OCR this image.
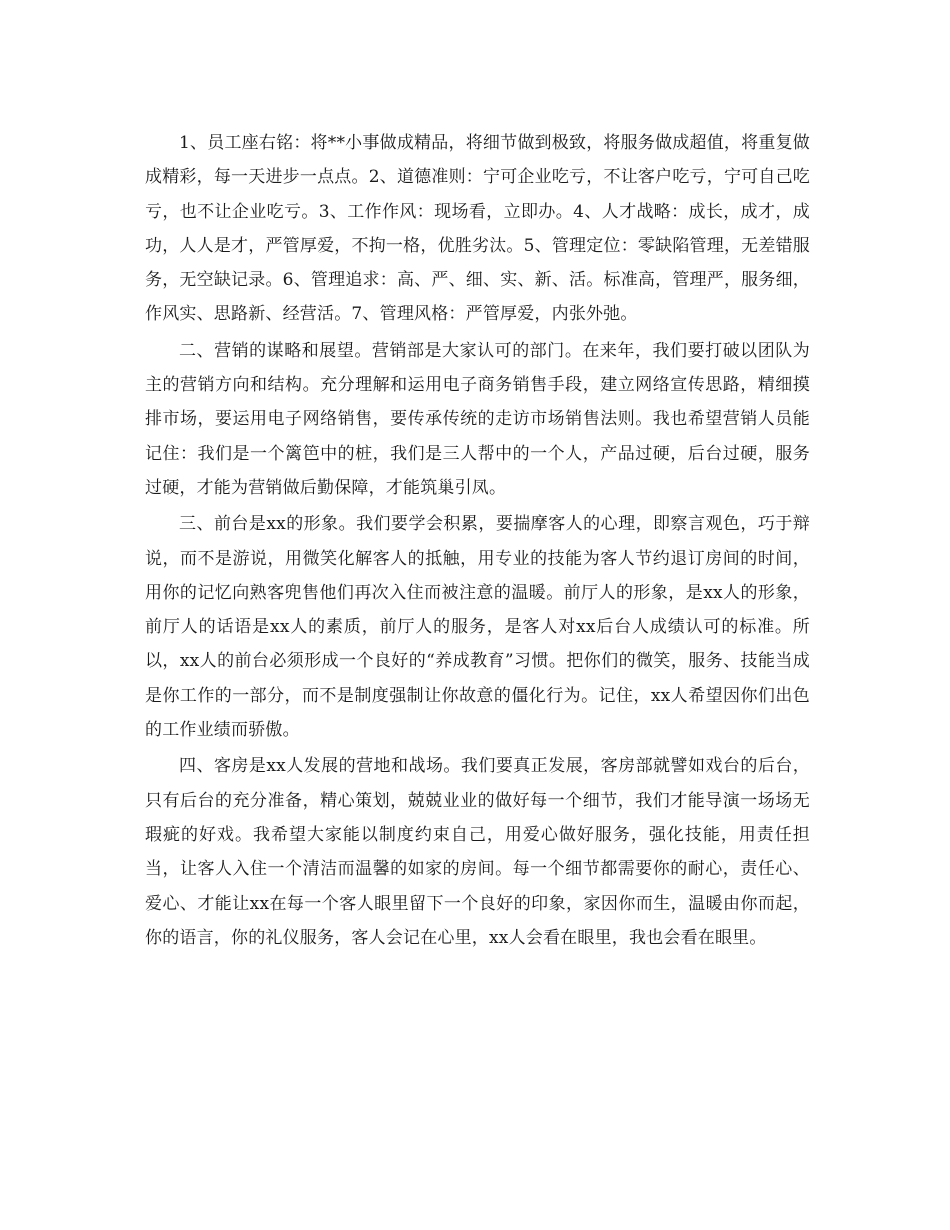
1、员工座右铭：将**小事做成精品，将细节做到极致，将服务做成超值，将重复做成精彩，每一天进步一点点。2、道德准则：宁可企业吃亏，不让客户吃亏，宁可自己吃亏，也不让企业吃亏。3、工作作风：现场看，立即办。4、人才战略：成长，成才，成功，人人是才，严管厚爱，不拘一格，优胜劣汰。5、管理定位：零缺陷管理，无差错服务，无空缺记录。6、管理追求：高、严、细、实、新、活。标准高，管理严，服务细，作风实、思路新、经营活。7、管理风格：严管厚爱，内张外弛。

二、营销的谋略和展望。营销部是大家认可的部门。在来年，我们要打破以团队为主的营销方向和结构。充分理解和运用电子商务销售手段，建立网络宣传思路，精细摸排市场，要运用电子网络销售，要传承传统的走访市场销售法则。我也希望营销人员能记住：我们是一个篱笆中的桩，我们是三人帮中的一个人，产品过硬，后台过硬，服务过硬，才能为营销做后勤保障，才能筑巢引凤。

三、前台是xx的形象。我们要学会积累，要揣摩客人的心理，即察言观色，巧于辩说，而不是游说，用微笑化解客人的抵触，用专业的技能为客人节约退订房间的时间，用你的记忆向熟客兜售他们再次入住而被注意的温暖。前厅人的形象，是xx人的形象，前厅人的话语是xx人的素质，前厅人的服务，是客人对xx后台人成绩认可的标准。所以，xx人的前台必须形成一个良好的“养成教育”习惯。把你们的微笑，服务、技能当成是你工作的一部分，而不是制度强制让你故意的僵化行为。记住，xx人希望因你们出色的工作业绩而骄傲。

四、客房是xx人发展的营地和战场。我们要真正发展，客房部就譬如戏台的后台，只有后台的充分准备，精心策划，兢兢业业的做好每一个细节，我们才能导演一场场无瑕疵的好戏。我希望大家能以制度约束自己，用爱心做好服务，强化技能，用责任担当，让客人入住一个清洁而温馨的如家的房间。每一个细节都需要你的耐心，责任心、爱心、才能让xx在每一个客人眼里留下一个良好的印象，家因你而生，温暖由你而起，你的语言，你的礼仪服务，客人会记在心里，xx人会看在眼里，我也会看在眼里。
